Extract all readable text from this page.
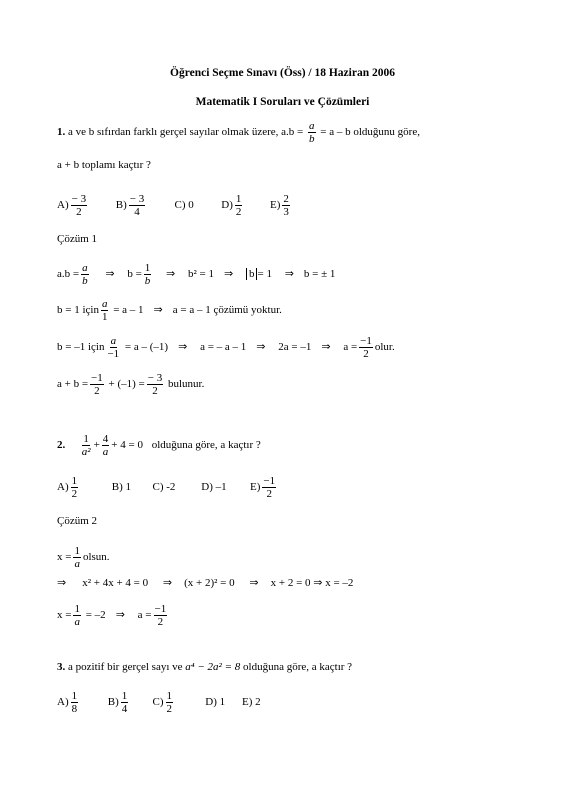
Öğrenci Seçme Sınavı (Öss) / 18 Haziran 2006
Matematik I Soruları ve Çözümleri
1. a ve b sıfırdan farklı gerçel sayılar olmak üzere, $a.b = \frac{a}{b} = a - b$ olduğunu göre,
a + b toplamı kaçtır ?
$A) \frac{- 3}{2}$	$B) \frac{- 3}{4}$	C) 0	$D) \frac{1}{2}$	$E) \frac{2}{3}$
Çözüm 1
$a.b = \frac{a}{b}$ ⇒ $b = \frac{1}{b}$ ⇒ b² = 1 ⇒ b = 1 ⇒ b = ± 1
b = 1 için $\frac{a}{1} = a - 1$ ⇒ a = a – 1 çözümü yoktur.
b = –1 için $\frac{a}{-1} = a - (-1)$ ⇒ a = – a – 1 ⇒ 2a = –1 ⇒ $a = \frac{-1}{2}$ olur.
$a + b = \frac{-1}{2} + (-1) = \frac{- 3}{2}$ bulunur.
2. $\frac{1}{\text{a²}} + \frac{4}{a} + 4 = 0$ olduğuna göre, a kaçtır ?
$A) \frac{1}{2}$	B) 1 C) -2 D) –1 $E) \frac{-1}{2}$
Çözüm 2
$x = \frac{1}{a}$ olsun.
⇒ x² + 4x + 4 = 0 ⇒ (x + 2)² = 0 ⇒ x + 2 = 0 ⇒ x = –2
$x = \frac{1}{a} = -2$ ⇒ $a = \frac{-1}{2}$
3. a pozitif bir gerçel sayı ve a⁴ − 2a² = 8 olduğuna göre, a kaçtır ?
$A) \frac{1}{8}$	$B) \frac{1}{4} C) \frac{1}{2}$	D) 1 E) 2
